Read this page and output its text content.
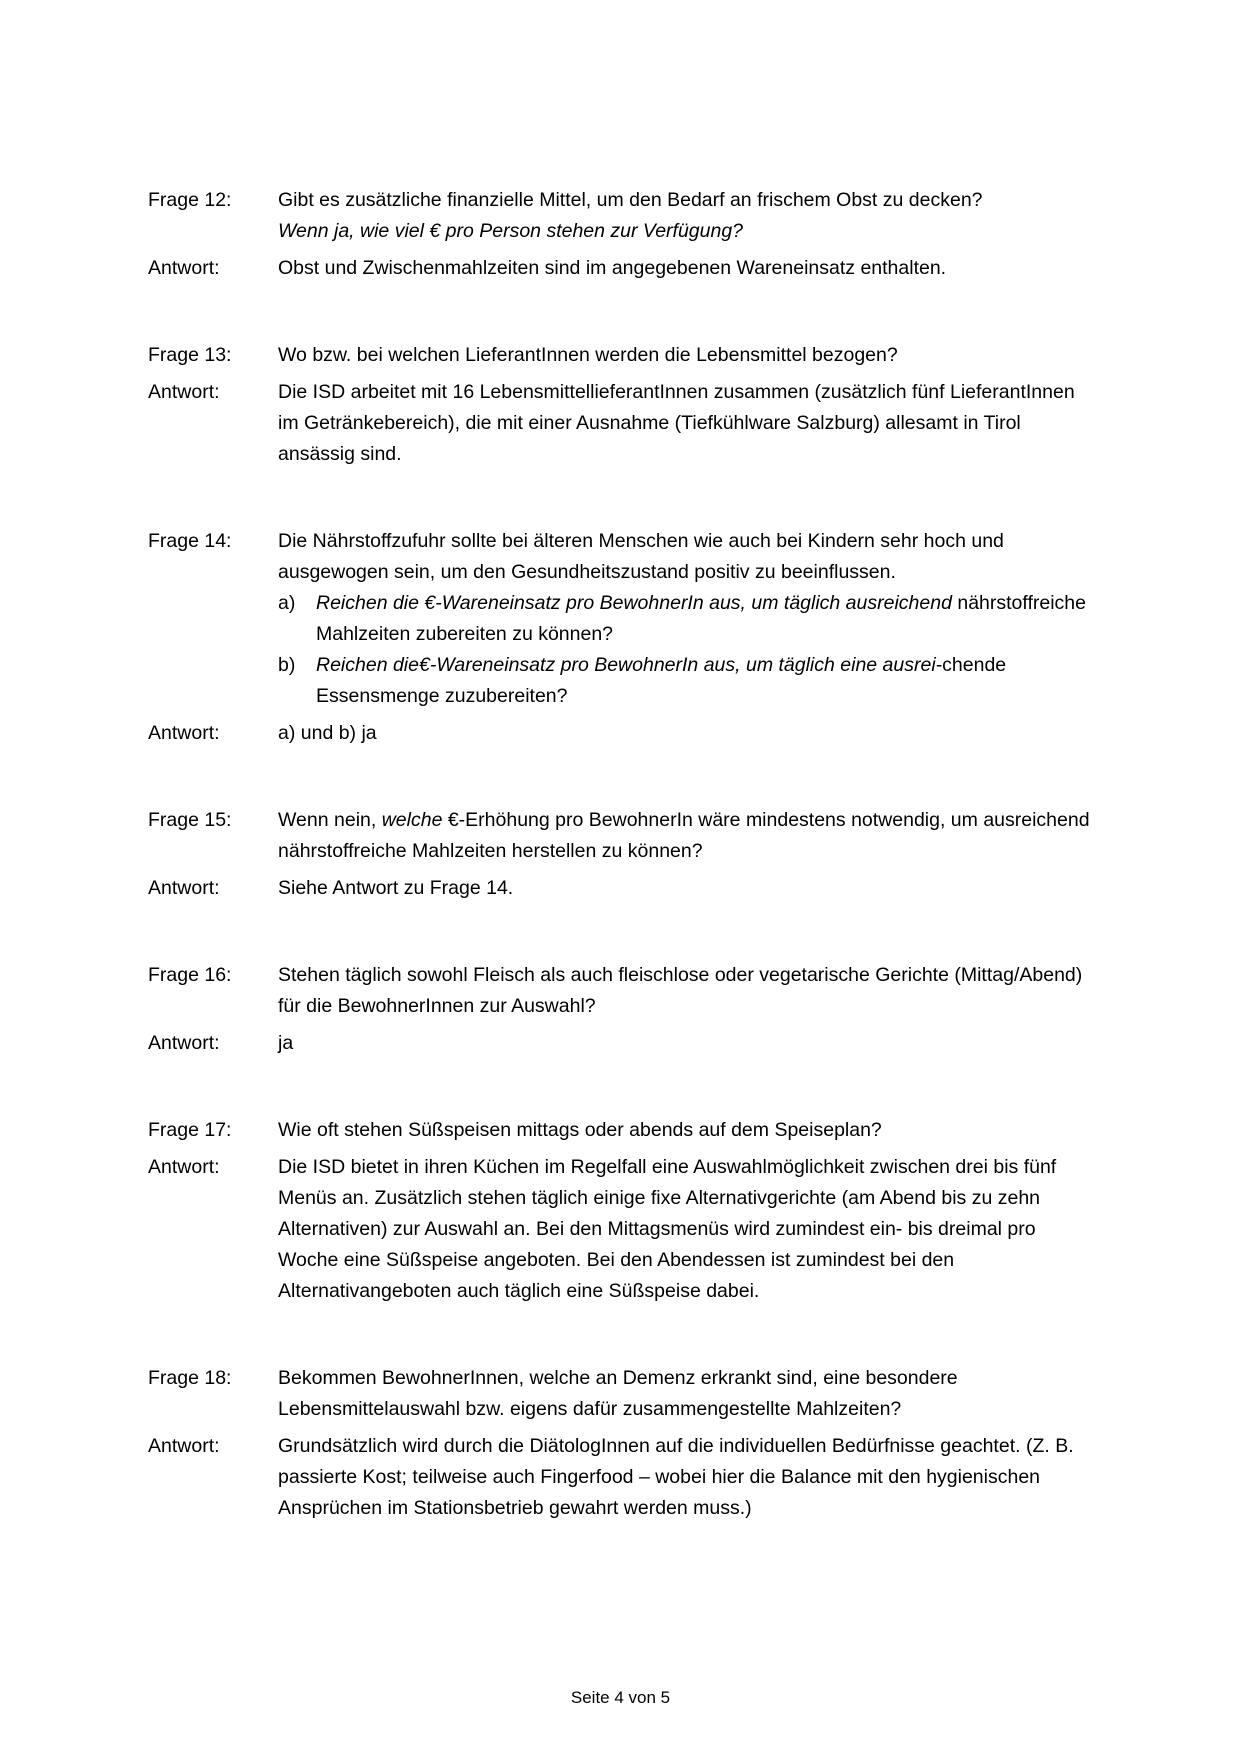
Frage 12:	Gibt es zusätzliche finanzielle Mittel, um den Bedarf an frischem Obst zu decken?

Wenn ja, wie viel € pro Person stehen zur Verfügung?

Antwort:	Obst und Zwischenmahlzeiten sind im angegebenen Wareneinsatz enthalten.
Frage 13:	Wo bzw. bei welchen LieferantInnen werden die Lebensmittel bezogen?
Antwort:	Die ISD arbeitet mit 16 LebensmittellieferantInnen zusammen (zusätzlich fünf LieferantInnen im Getränkebereich), die mit einer Ausnahme (Tiefkühlware Salzburg) allesamt in Tirol ansässig sind.
Frage 14:	Die Nährstoffzufuhr sollte bei älteren Menschen wie auch bei Kindern sehr hoch und ausgewogen sein, um den Gesundheitszustand positiv zu beeinflussen.

a)	Reichen die €-Wareneinsatz pro BewohnerIn aus, um täglich ausreichend nährstoffreiche Mahlzeiten zubereiten zu können?
b)	Reichen die€-Wareneinsatz pro BewohnerIn aus, um täglich eine ausrei-chende Essensmenge zuzubereiten?
Antwort:	a) und b) ja
Frage 15:	Wenn nein, welche €-Erhöhung pro BewohnerIn wäre mindestens notwendig, um ausreichend nährstoffreiche Mahlzeiten herstellen zu können?
Antwort:	Siehe Antwort zu Frage 14.
Frage 16:	Stehen täglich sowohl Fleisch als auch fleischlose oder vegetarische Gerichte (Mittag/Abend) für die BewohnerInnen zur Auswahl?
Antwort:	ja
Frage 17:	Wie oft stehen Süßspeisen mittags oder abends auf dem Speiseplan?
Antwort:	Die ISD bietet in ihren Küchen im Regelfall eine Auswahlmöglichkeit zwischen drei bis fünf Menüs an. Zusätzlich stehen täglich einige fixe Alternativgerichte (am Abend bis zu zehn Alternativen) zur Auswahl an. Bei den Mittagsmenüs wird zumindest ein- bis dreimal pro Woche eine Süßspeise angeboten. Bei den Abendessen ist zumindest bei den Alternativangeboten auch täglich eine Süßspeise dabei.
Frage 18:	Bekommen BewohnerInnen, welche an Demenz erkrankt sind, eine besondere Lebensmittelauswahl bzw. eigens dafür zusammengestellte Mahlzeiten?
Antwort:	Grundsätzlich wird durch die DiätologInnen auf die individuellen Bedürfnisse geachtet. (Z. B. passierte Kost; teilweise auch Fingerfood – wobei hier die Balance mit den hygienischen Ansprüchen im Stationsbetrieb gewahrt werden muss.)
Seite 4 von 5
